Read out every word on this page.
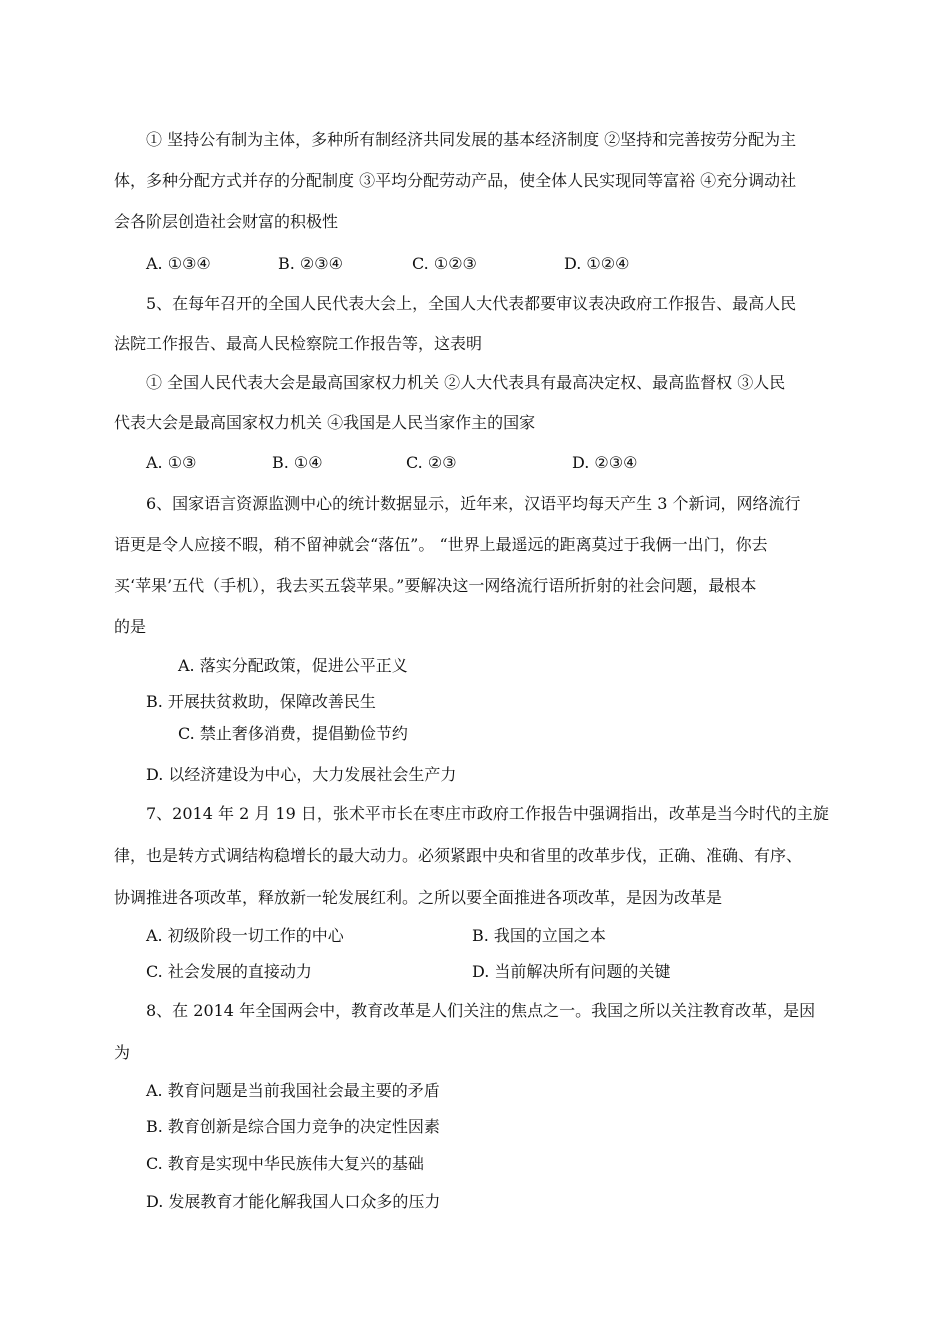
① 坚持公有制为主体，多种所有制经济共同发展的基本经济制度 ②坚持和完善按劳分配为主
体，多种分配方式并存的分配制度 ③平均分配劳动产品，使全体人民实现同等富裕 ④充分调动社
会各阶层创造社会财富的积极性
A. ①③④	B. ②③④	C. ①②③	D. ①②④
5、在每年召开的全国人民代表大会上，全国人大代表都要审议表决政府工作报告、最高人民
法院工作报告、最高人民检察院工作报告等，这表明
① 全国人民代表大会是最高国家权力机关 ②人大代表具有最高决定权、最高监督权 ③人民
代表大会是最高国家权力机关 ④我国是人民当家作主的国家
A. ①③	B. ①④	C. ②③	D. ②③④
6、国家语言资源监测中心的统计数据显示，近年来，汉语平均每天产生 3 个新词，网络流行
语更是令人应接不暇，稍不留神就会“落伍”。 “世界上最遥远的距离莫过于我俩一出门，你去
买‘苹果’五代（手机），我去买五袋苹果。”要解决这一网络流行语所折射的社会问题，最根本
的是
A. 落实分配政策，促进公平正义
B. 开展扶贫救助，保障改善民生
C. 禁止奢侈消费，提倡勤俭节约
D. 以经济建设为中心，大力发展社会生产力
7、2014 年 2 月 19 日，张术平市长在枣庄市政府工作报告中强调指出，改革是当今时代的主旋
律，也是转方式调结构稳增长的最大动力。必须紧跟中央和省里的改革步伐，正确、准确、有序、
协调推进各项改革，释放新一轮发展红利。之所以要全面推进各项改革，是因为改革是
A. 初级阶段一切工作的中心	B. 我国的立国之本
C. 社会发展的直接动力	D. 当前解决所有问题的关键
8、在 2014 年全国两会中，教育改革是人们关注的焦点之一。我国之所以关注教育改革，是因
为
A. 教育问题是当前我国社会最主要的矛盾
B. 教育创新是综合国力竞争的决定性因素
C. 教育是实现中华民族伟大复兴的基础
D. 发展教育才能化解我国人口众多的压力
